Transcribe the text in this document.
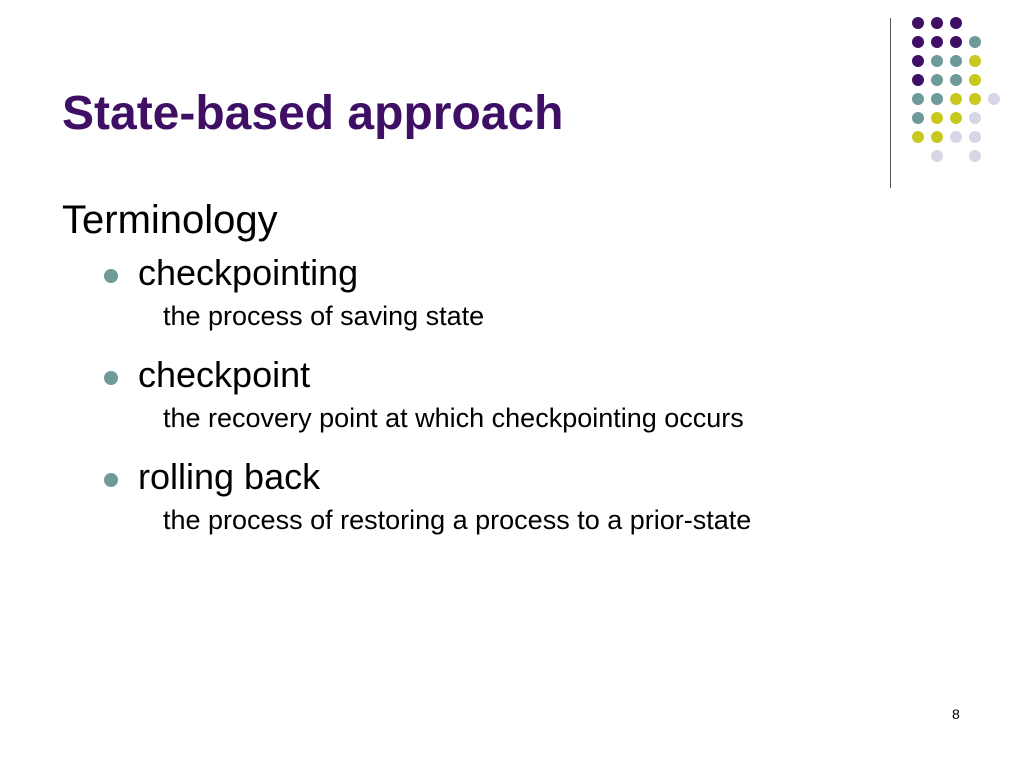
State-based approach
Terminology
checkpointing
the process of saving state
checkpoint
the recovery point at which checkpointing occurs
rolling back
the process of restoring a process to a prior-state
8
